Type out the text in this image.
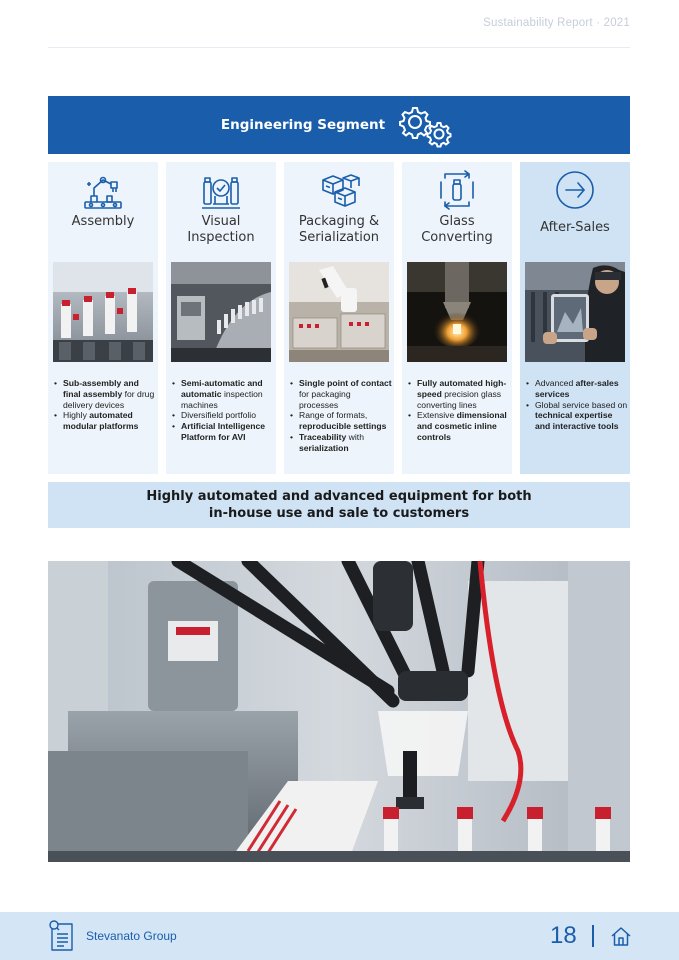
Sustainability Report · 2021
Engineering Segment
Assembly
• Sub-assembly and final assembly for drug delivery devices
• Highly automated modular platforms
Visual Inspection
• Semi-automatic and automatic inspection machines
• Diversifield portfolio
• Artificial Intelligence Platform for AVI
Packaging & Serialization
• Single point of contact for packaging processes
• Range of formats, reproducible settings
• Traceability with serialization
Glass Converting
• Fully automated high-speed precision glass converting lines
• Extensive dimensional and cosmetic inline controls
After-Sales
• Advanced after-sales services
• Global service based on technical expertise and interactive tools
Highly automated and advanced equipment for both
in-house use and sale to customers
Stevanato Group	18
